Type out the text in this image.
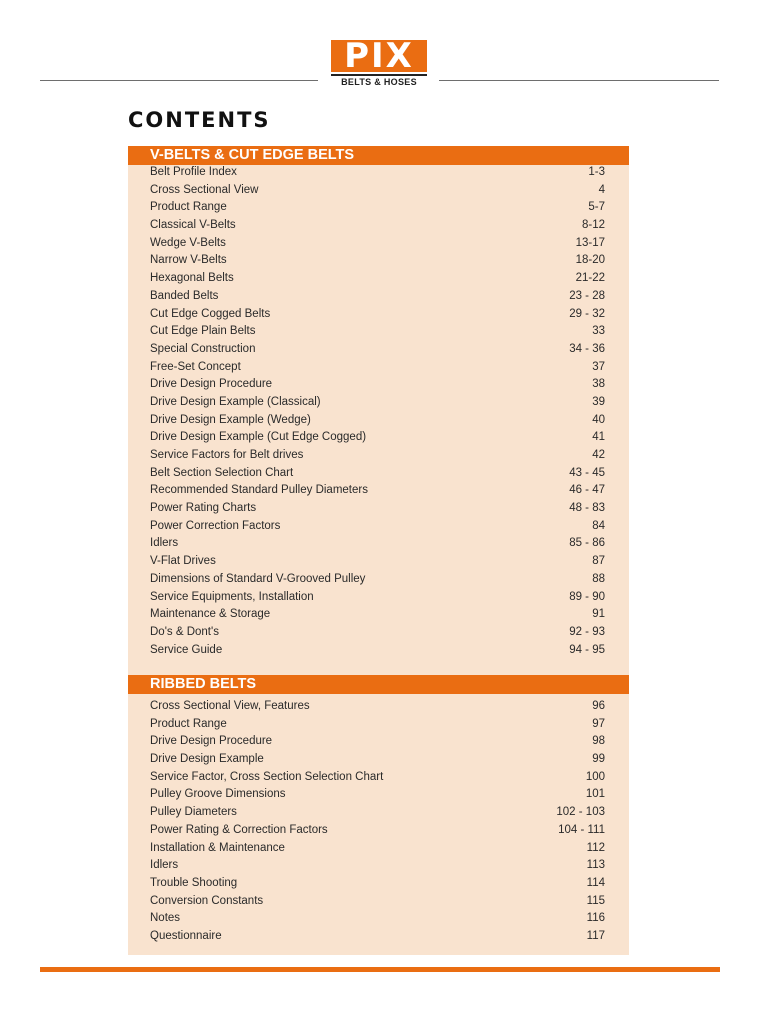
PIX
BELTS & HOSES
CONTENTS
V-BELTS & CUT EDGE BELTS
Belt Profile Index	1-3
Cross Sectional View	4
Product Range	5-7
Classical V-Belts	8-12
Wedge V-Belts	13-17
Narrow V-Belts	18-20
Hexagonal Belts	21-22
Banded Belts	23 - 28
Cut Edge Cogged Belts	29 - 32
Cut Edge Plain Belts	33
Special Construction	34 - 36
Free-Set Concept	37
Drive Design Procedure	38
Drive Design Example (Classical)	39
Drive Design Example (Wedge)	40
Drive Design Example (Cut Edge Cogged)	41
Service Factors for Belt drives	42
Belt Section Selection Chart	43 - 45
Recommended Standard Pulley Diameters	46 - 47
Power Rating Charts	48 - 83
Power Correction Factors	84
Idlers	85 - 86
V-Flat Drives	87
Dimensions of Standard V-Grooved Pulley	88
Service Equipments, Installation	89 - 90
Maintenance & Storage	91
Do's & Dont's	92 - 93
Service Guide	94 - 95
RIBBED BELTS
Cross Sectional View, Features	96
Product Range	97
Drive Design Procedure	98
Drive Design Example	99
Service Factor, Cross Section Selection Chart	100
Pulley Groove Dimensions	101
Pulley Diameters	102 - 103
Power Rating & Correction Factors	104 - 111
Installation & Maintenance	112
Idlers	113
Trouble Shooting	114
Conversion Constants	115
Notes	116
Questionnaire	117
